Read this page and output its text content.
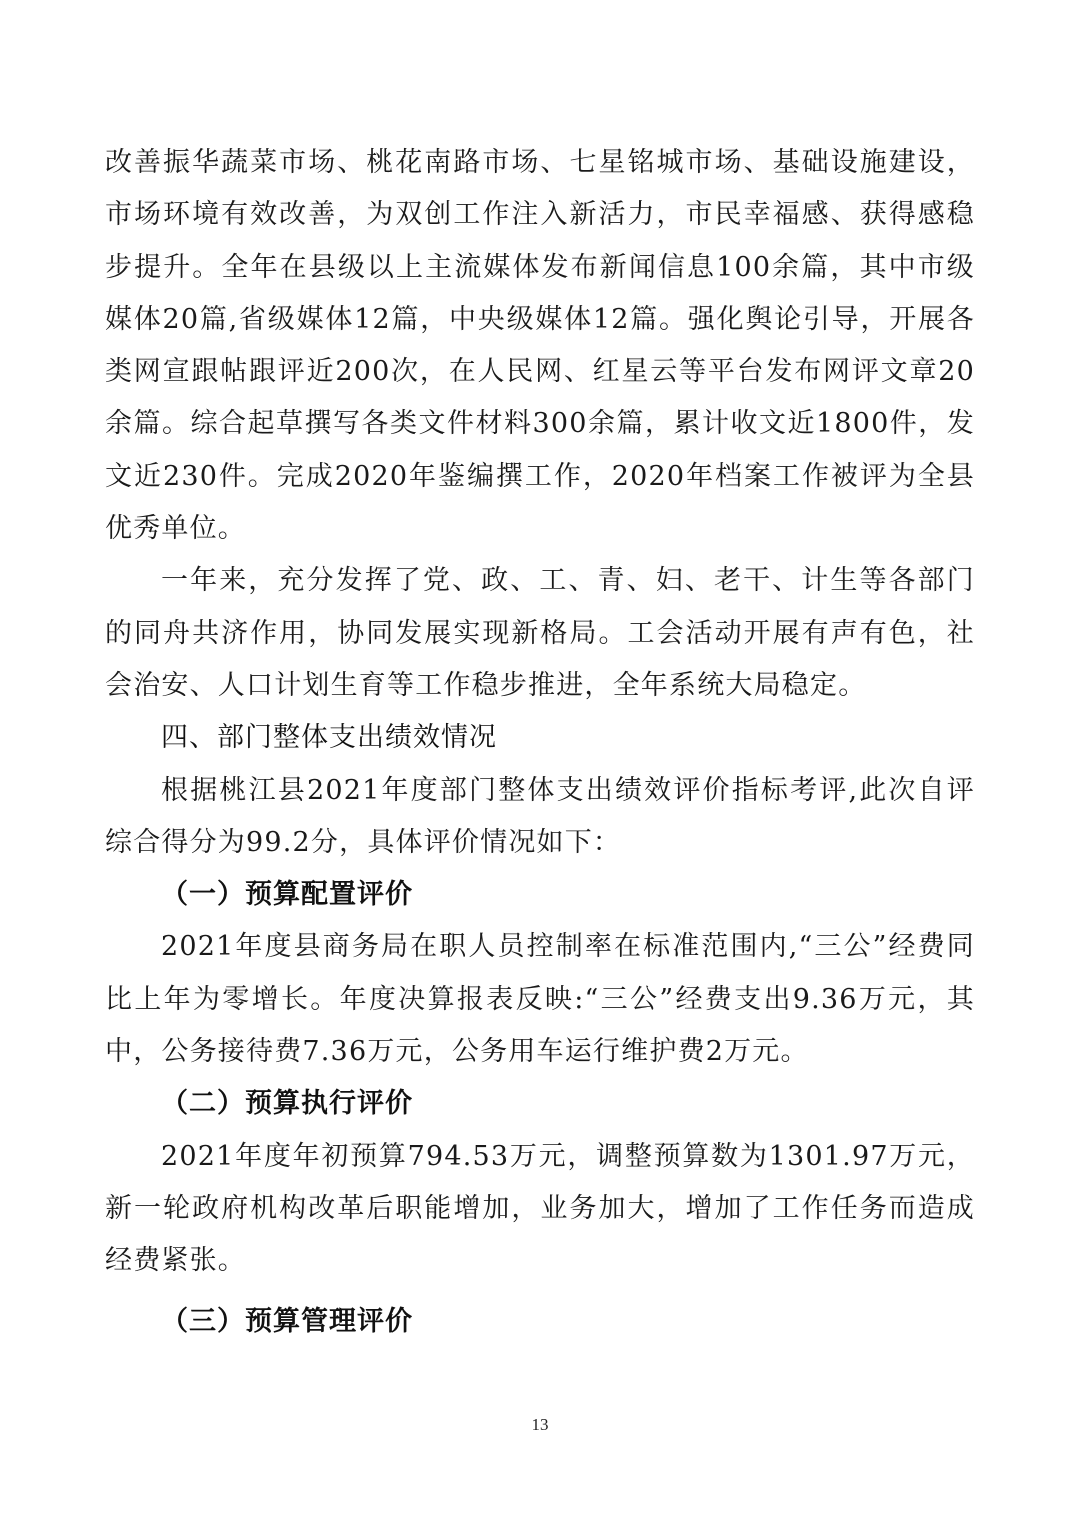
改善振华蔬菜市场、桃花南路市场、七星铭城市场、基础设施建设，市场环境有效改善，为双创工作注入新活力，市民幸福感、获得感稳步提升。全年在县级以上主流媒体发布新闻信息100余篇，其中市级媒体20篇,省级媒体12篇，中央级媒体12篇。强化舆论引导，开展各类网宣跟帖跟评近200次，在人民网、红星云等平台发布网评文章20余篇。综合起草撰写各类文件材料300余篇，累计收文近1800件，发文近230件。完成2020年鉴编撰工作，2020年档案工作被评为全县优秀单位。

一年来，充分发挥了党、政、工、青、妇、老干、计生等各部门的同舟共济作用，协同发展实现新格局。工会活动开展有声有色，社会治安、人口计划生育等工作稳步推进，全年系统大局稳定。

四、部门整体支出绩效情况

根据桃江县2021年度部门整体支出绩效评价指标考评,此次自评综合得分为99.2分，具体评价情况如下：

（一）预算配置评价

2021年度县商务局在职人员控制率在标准范围内,“三公”经费同比上年为零增长。年度决算报表反映:“三公”经费支出9.36万元，其中，公务接待费7.36万元，公务用车运行维护费2万元。

（二）预算执行评价

2021年度年初预算794.53万元，调整预算数为1301.97万元，新一轮政府机构改革后职能增加，业务加大，增加了工作任务而造成经费紧张。

（三）预算管理评价

13
